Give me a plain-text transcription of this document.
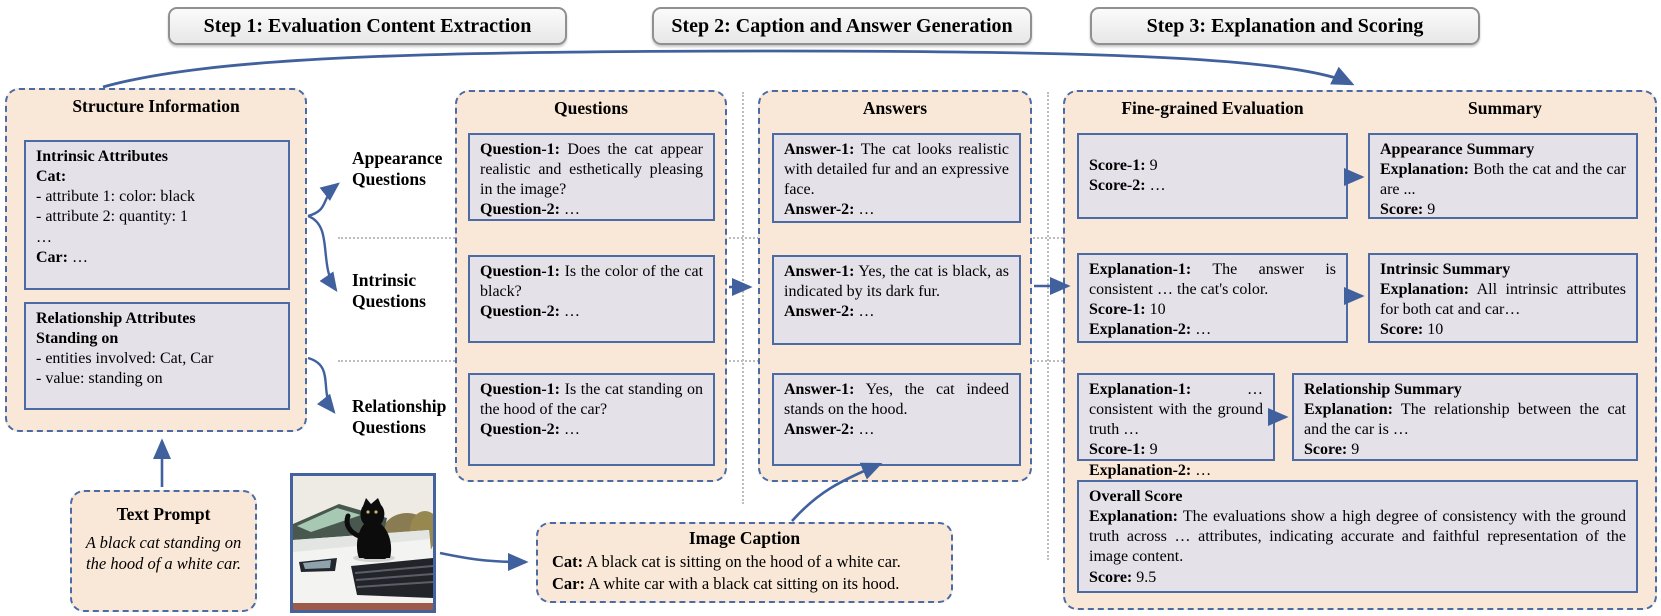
Step 1: Evaluation Content Extraction	Step 2: Caption and Answer Generation	Step 3: Explanation and Scoring
Structure Information

Intrinsic Attributes

Cat:

- attribute 1: color: black

- attribute 2: quantity: 1

…

Car: …

Relationship Attributes

Standing on

- entities involved: Cat, Car

- value: standing on

Appearance Questions
Intrinsic Questions
Relationship Questions
Questions

Question-1: Does the cat appear realistic and esthetically pleasing in the image?

Question-2: …

Question-1: Is the color of the cat black?

Question-2: …

Question-1: Is the cat standing on the hood of the car?

Question-2: …

Answers

Answer-1: The cat looks realistic with detailed fur and an expressive face.

Answer-2: …

Answer-1: Yes, the cat is black, as indicated by its dark fur.

Answer-2: …

Answer-1: Yes, the cat indeed stands on the hood.

Answer-2: …

Fine-grained Evaluation	Summary

Score-1: 9

Score-2: …

Appearance Summary

Explanation: Both the cat and the car are ...

Score: 9

Explanation-1: The answer is consistent … the cat's color.

Score-1: 10

Explanation-2: …

Intrinsic Summary

Explanation: All intrinsic attributes for both cat and car…

Score: 10

Explanation-1:	… consistent with the ground truth …

Score-1: 9

Explanation-2: …

Relationship Summary

Explanation: The relationship between the cat and the car is …

Score: 9

Overall Score

Explanation: The evaluations show a high degree of consistency with the ground truth across … attributes, indicating accurate and faithful representation of the image content.

Score: 9.5

Text Prompt
A black cat standing on the hood of a white car.
Image Caption

Cat: A black cat is sitting on the hood of a white car.

Car: A white car with a black cat sitting on its hood.
